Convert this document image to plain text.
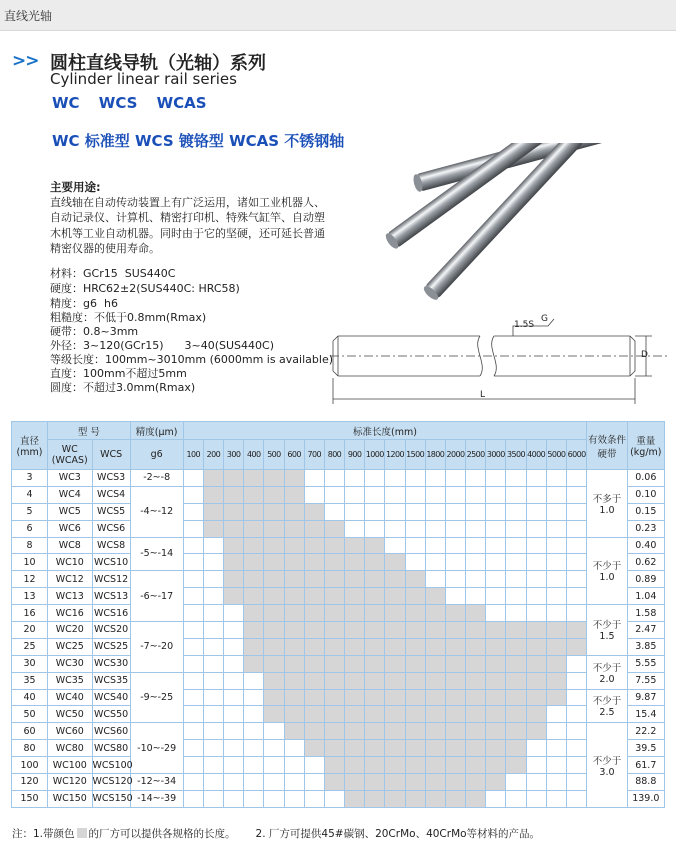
直线光轴
>> 圆柱直线导轨（光轴）系列
Cylinder linear rail series
WC WCS WCAS
WC 标准型 WCS 镀铬型 WCAS 不锈钢轴
主要用途:
直线轴在自动传动装置上有广泛运用，诸如工业机器人、自动记录仪、计算机、精密打印机、特殊气缸竿、自动塑木机等工业自动机器。同时由于它的坚硬，还可延长普通精密仪器的使用寿命。
材料：GCr15  SUS440C
硬度：HRC62±2(SUS440C: HRC58)
精度：g6  h6
粗糙度：不低于0.8mm(Rmax)
硬带：0.8~3mm
外径：3~120(GCr15)      3~40(SUS440C)
等级长度：100mm~3010mm (6000mm is available)
直度：100mm不超过5mm
圆度：不超过3.0mm(Rmax)
1.5S
G
D
L
直径(mm)	型 号		精度(μm)	标准长度(mm)																				有效条件硬带	重量(kg/m)
	WC (WCAS)	WCS	g6	100	200	300	400	500	600	700	800	900	1000	1200	1500	1800	2000	2500	3000	3500	4000	5000	6000		
3	WC3	WCS3	-2~-8																					不多于 1.0	0.06
4	WC4	WCS4	-4~-12																						0.10
5	WC5	WCS5																							0.15
6	WC6	WCS6																							0.23
8	WC8	WCS8	-5~-14																					不少于 1.0	0.40
10	WC10	WCS10																							0.62
12	WC12	WCS12	-6~-17																						0.89
13	WC13	WCS13																							1.04
16	WC16	WCS16																						不少于 1.5	1.58
20	WC20	WCS20	-7~-20																						2.47
25	WC25	WCS25																							3.85
30	WC30	WCS30																						不少于 2.0	5.55
35	WC35	WCS35	-9~-25																						7.55
40	WC40	WCS40																						不少于 2.5	9.87
50	WC50	WCS50																							15.4
60	WC60	WCS60	-10~-29																					不少于 3.0	22.2
80	WC80	WCS80																							39.5
100	WC100	WCS100																							61.7
120	WC120	WCS120	-12~-34																						88.8
150	WC150	WCS150	-14~-39																						139.0
注：1.带颜色 的厂方可以提供各规格的长度。      2. 厂方可提供45#碳钢、20CrMo、40CrMo等材料的产品。
